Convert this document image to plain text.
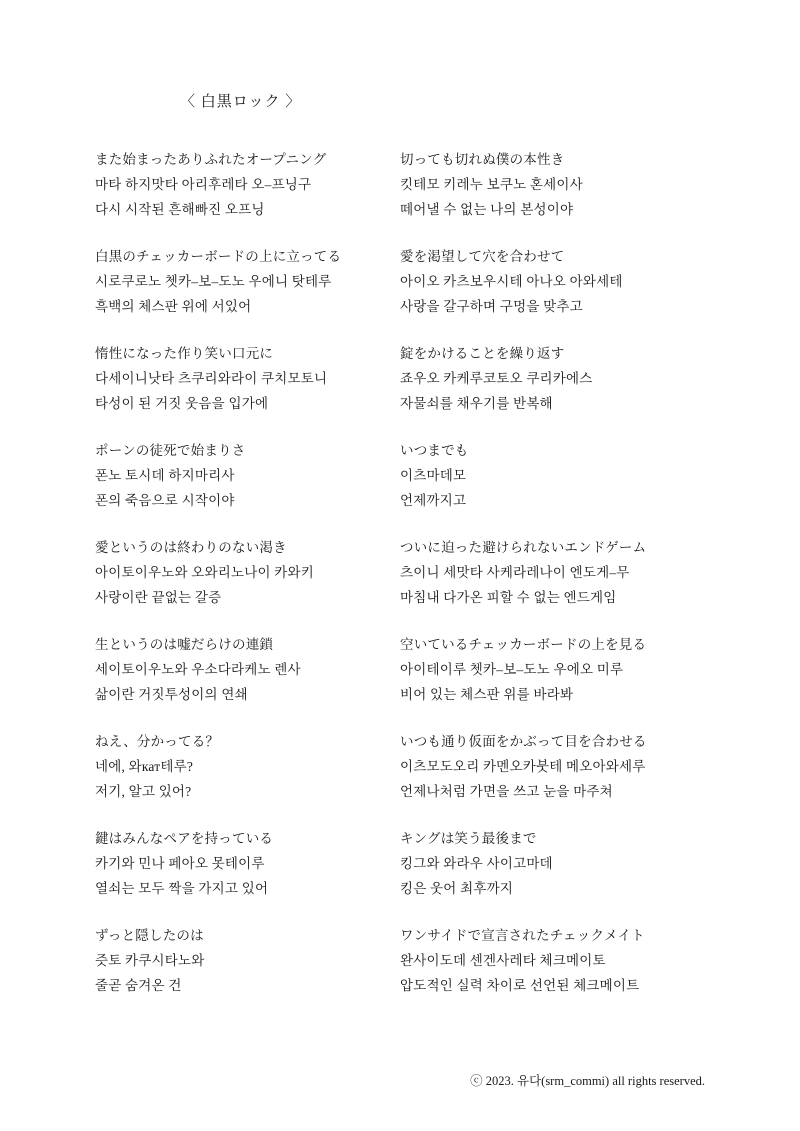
〈 白黒ロック 〉
また始まったありふれたオープニング
마타 하지맛타 아리후레타 오–프닝구
다시 시작된 흔해빠진 오프닝
白黒のチェッカーボードの上に立ってる
시로쿠로노 쳇카–보–도노 우에니 탓테루
흑백의 체스판 위에 서있어
惰性になった作り笑い口元に
다세이니낫타 츠쿠리와라이 쿠치모토니
타성이 된 거짓 웃음을 입가에
ポーンの徒死で始まりさ
폰노 토시데 하지마리사
폰의 죽음으로 시작이야
愛というのは終わりのない渇き
아이토이우노와 오와리노나이 카와키
사랑이란 끝없는 갈증
生というのは嘘だらけの連鎖
세이토이우노와 우소다라케노 렌사
삶이란 거짓투성이의 연쇄
ねえ、分かってる？
네에, 와кат테루?
저기, 알고 있어?
鍵はみんなペアを持っている
카기와 민나 페아오 못테이루
열쇠는 모두 짝을 가지고 있어
ずっと隠したのは
즛토 카쿠시타노와
줄곧 숨겨온 건
切っても切れぬ僕の本性き
킷테모 키레누 보쿠노 혼세이사
떼어낼 수 없는 나의 본성이야
愛を渇望して穴を合わせて
아이오 카츠보우시테 아나오 아와세테
사랑을 갈구하며 구멍을 맞추고
錠をかけることを繰り返す
죠우오 카케루코토오 쿠리카에스
자물쇠를 채우기를 반복해
いつまでも
이츠마데모
언제까지고
ついに迫った避けられないエンドゲーム
츠이니 세맛타 사케라레나이 엔도게–무
마침내 다가온 피할 수 없는 엔드게임
空いているチェッカーボードの上を見る
아이테이루 쳇카–보–도노 우에오 미루
비어 있는 체스판 위를 바라봐
いつも通り仮面をかぶって目を合わせる
이츠모도오리 카멘오카붓테 메오아와세루
언제나처럼 가면을 쓰고 눈을 마주쳐
キングは笑う最後まで
킹그와 와라우 사이고마데
킹은 웃어 최후까지
ワンサイドで宣言されたチェックメイト
완사이도데 센겐사레타 체크메이토
압도적인 실력 차이로 선언된 체크메이트
ⓒ 2023. 유다(srm_commi) all rights reserved.
